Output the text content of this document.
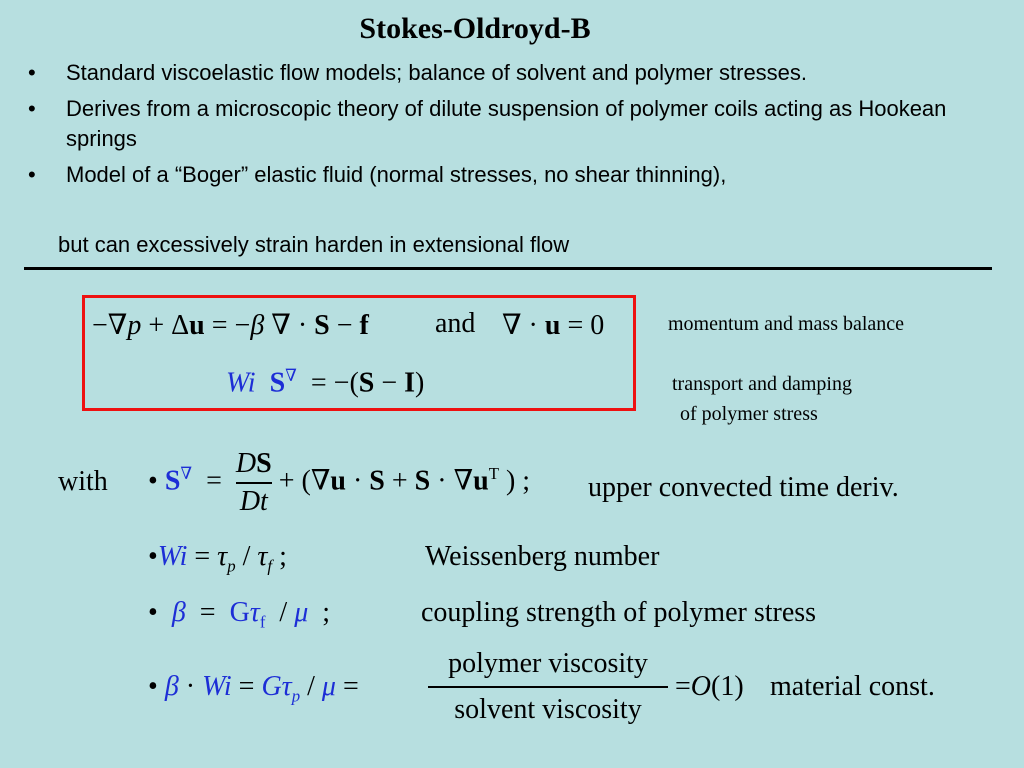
Stokes-Oldroyd-B
• Standard viscoelastic flow models; balance of solvent and polymer stresses.
• Derives from a microscopic theory of dilute suspension of polymer coils acting as Hookean springs
• Model of a “Boger” elastic fluid (normal stresses, no shear thinning),
but can excessively strain harden in extensional flow
−∇p + Δu = −β ∇ · S − f and ∇ · u = 0
Wi S∇  = −(S − I)
momentum and mass balance
transport and damping
of polymer stress
with • $S^\nabla = \frac{DS}{Dt} + (\nabla u \cdot S + S \cdot \nabla u^T$ ) ; upper convected time deriv.
•Wi = $\tau_p / \tau_f$ ;	Weissenberg number
•  $\beta = G\tau_f / \mu$  ;	coupling strength of polymer stress
• $\beta \cdot Wi = G\tau_p / \mu = \frac{\text{polymer viscosity}}{\text{solvent viscosity}} =O(1)$ material const.
